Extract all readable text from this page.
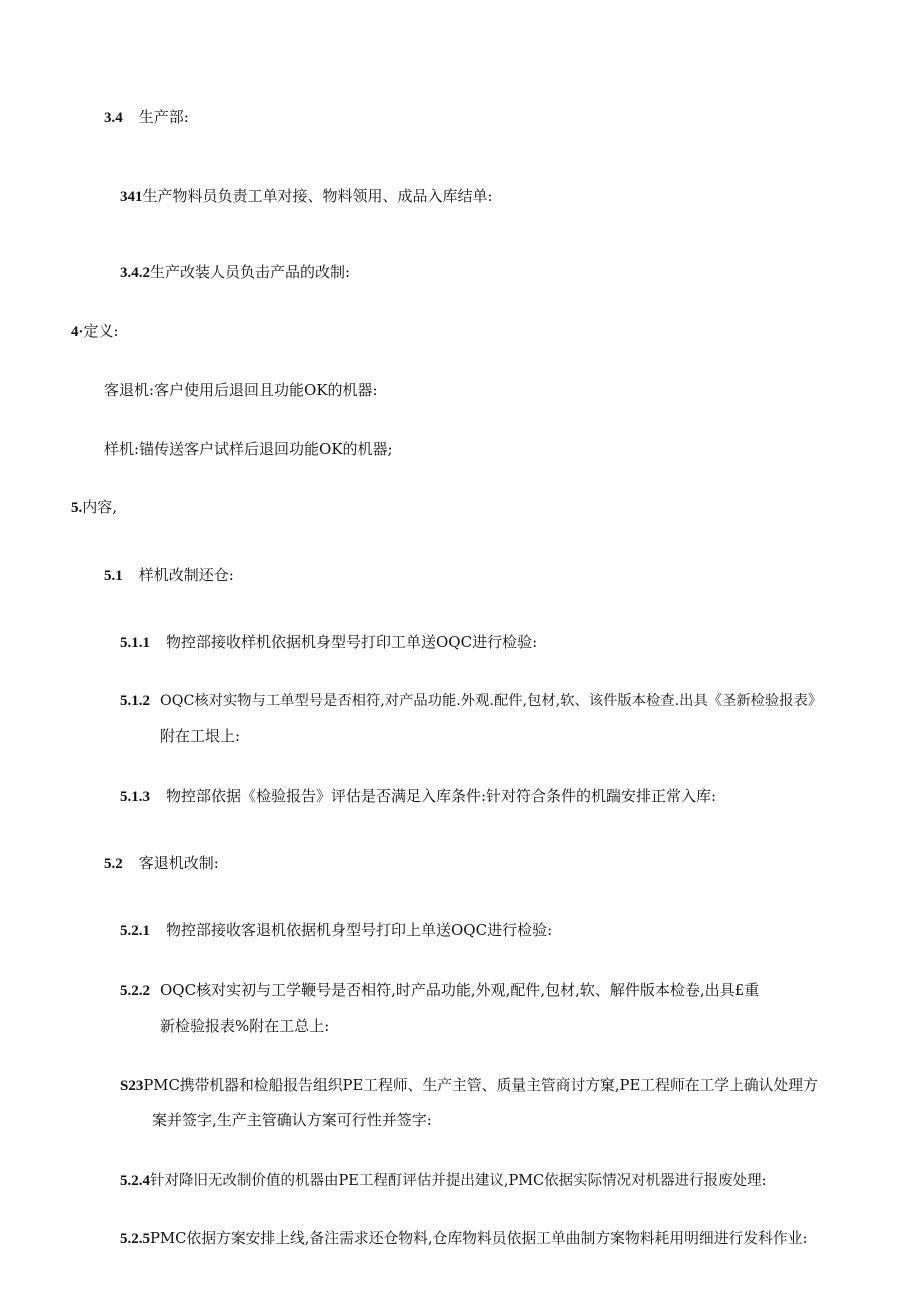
3.4 生产部:
341生产物料员负责工单对接、物料领用、成品入库结单:
3.4.2生产改装人员负击产品的改制:
4·定义:
客退机:客户使用后退回且功能OK的机器:
样机:锚传送客户试样后退回功能OK的机器;
5.内容,
5.1 样机改制还仓:
5.1.1 物控部接收样机依据机身型号打印工单送OQC进行检验:
5.1.2 OQC核对实物与工单型号是否相符,对产品功能.外观.配件,包材,软、该件版本检查.出具《圣新检验报表》
附在工垠上:
5.1.3 物控部依据《检验报告》评估是否满足入库条件:针对符合条件的机踹安排正常入库:
5.2 客退机改制:
5.2.1 物控部接收客退机依据机身型号打印上单送OQC进行检验:
5.2.2 OQC核对实初与工学鞭号是否相符,时产品功能,外观,配件,包材,软、解件版本检卷,出具£重
新检验报表%附在工总上:
S23PMC携带机器和检船报告组织PE工程师、生产主管、质量主管商讨方窠,PE工程师在工学上确认处理方
案并签字,生产主管确认方案可行性并签字:
5.2.4针对降旧无改制价值的机器由PE工程酊评估并提出建议,PMC依据实际情况对机器进行报废处理:
5.2.5PMC依据方案安排上线,备注需求还仓物料,仓库物料员依据工单曲制方案物料耗用明细进行发科作业:
